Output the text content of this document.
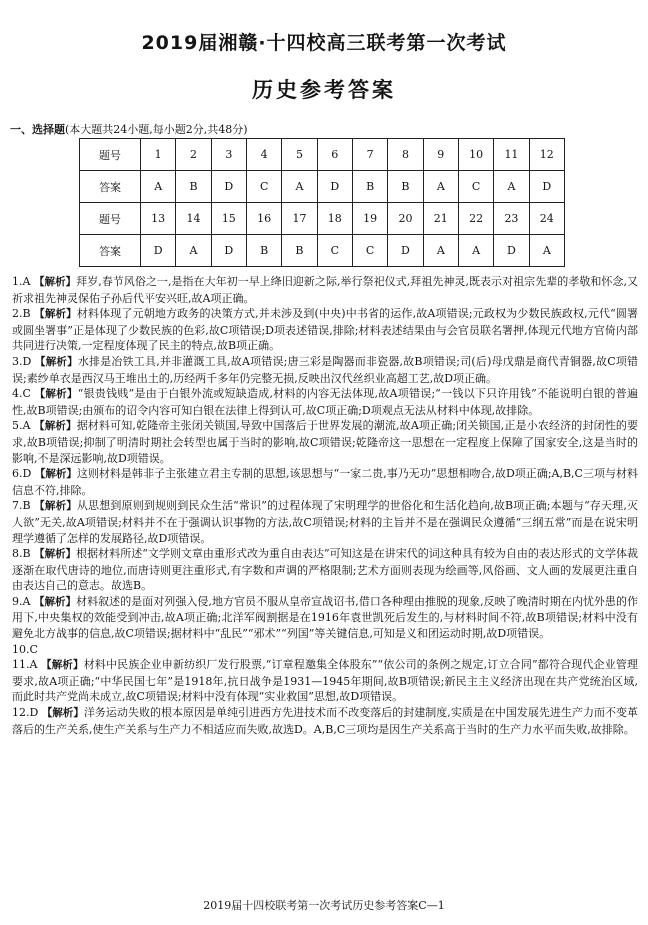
2019届湘赣·十四校高三联考第一次考试
历史参考答案
一、选择题(本大题共24小题,每小题2分,共48分)
题号	1	2	3	4	5	6	7	8	9	10	11	12
答案	A	B	D	C	A	D	B	B	A	C	A	D
题号	13	14	15	16	17	18	19	20	21	22	23	24
答案	D	A	D	B	B	C	C	D	A	A	D	A

1.A 【解析】拜岁,春节风俗之一,是指在大年初一早上绛旧迎新之际,举行祭祀仪式,拜祖先神灵,既表示对祖宗先辈的孝敬和怀念,又祈求祖先神灵保佑子孙后代平安兴旺,故A项正确。

2.B 【解析】材料体现了元朝地方政务的决策方式,并未涉及到(中央)中书省的运作,故A项错误;元政权为少数民族政权,元代“圆署或圆坐署事”正是体现了少数民族的色彩,故C项错误;D项表述错误,排除;材料表述结果由与会官员联名署押,体现元代地方官倚内部共同进行决策,一定程度体现了民主的特点,故B项正确。

3.D 【解析】水排是冶铁工具,并非灌溉工具,故A项错误;唐三彩是陶器而非瓷器,故B项错误;司(后)母戊鼎是商代青铜器,故C项错误;素纱单衣是西汉马王堆出土的,历经两千多年仍完整无损,反映出汉代丝织业高超工艺,故D项正确。

4.C 【解析】“银贵钱贱”是由于白银外流或短缺造成,材料的内容无法体现,故A项错误;“一钱以下只许用钱”不能说明白银的普遍性,故B项错误;由颁布的诏令内容可知白银在法律上得到认可,故C项正确;D项观点无法从材料中体现,故排除。

5.A 【解析】据材料可知,乾隆帝主张闭关锁国,导致中国落后于世界发展的潮流,故A项正确;闭关锁国,正是小农经济的封闭性的要求,故B项错误;抑制了明清时期社会转型也属于当时的影响,故C项错误;乾隆帝这一思想在一定程度上保障了国家安全,这是当时的影响,不是深远影响,故D项错误。

6.D 【解析】这则材料是韩非子主张建立君主专制的思想,该思想与“一家二贵,事乃无功”思想相吻合,故D项正确;A,B,C三项与材料信息不符,排除。

7.B 【解析】从思想到原则到规则到民众生活“常识”的过程体现了宋明理学的世俗化和生活化趋向,故B项正确;本题与“存天理,灭人欲”无关,故A项错误;材料并不在于强调认识事物的方法,故C项错误;材料的主旨并不是在强调民众遵循“三纲五常”而是在说宋明理学遵循了怎样的发展路径,故D项错误。

8.B 【解析】根据材料所述“文学则文章由重形式改为重自由表达”可知这是在讲宋代的词这种具有较为自由的表达形式的文学体裁逐渐在取代唐诗的地位,而唐诗则更注重形式,有字数和声调的严格限制;艺术方面则表现为绘画等,风俗画、文人画的发展更注重自由表达自己的意志。故选B。

9.A 【解析】材料叙述的是面对列强入侵,地方官员不服从皇帝宣战诏书,借口各种理由推脱的现象,反映了晚清时期在内忧外患的作用下,中央集权的效能受到冲击,故A项正确;北洋军阀割据是在1916年袁世凯死后发生的,与材料时间不符,故B项错误;材料中没有避免北方战事的信息,故C项错误;据材料中“乱民”“邪术”“列国”等关键信息,可知是义和团运动时期,故D项错误。

10.C

11.A 【解析】材料中民族企业申新纺织厂发行股票,“订章程邀集全体股东”“依公司的条例之规定,订立合同”都符合现代企业管理要求,故A项正确;“中华民国七年”是1918年,抗日战争是1931—1945年期间,故B项错误;新民主主义经济出现在共产党统治区域,而此时共产党尚未成立,故C项错误;材料中没有体现“实业救国”思想,故D项错误。

12.D 【解析】洋务运动失败的根本原因是单纯引进西方先进技术而不改变落后的封建制度,实质是在中国发展先进生产力而不变革落后的生产关系,使生产关系与生产力不相适应而失败,故选D。A,B,C三项均是因生产关系高于当时的生产力水平而失败,故排除。

2019届十四校联考第一次考试历史参考答案C—1
